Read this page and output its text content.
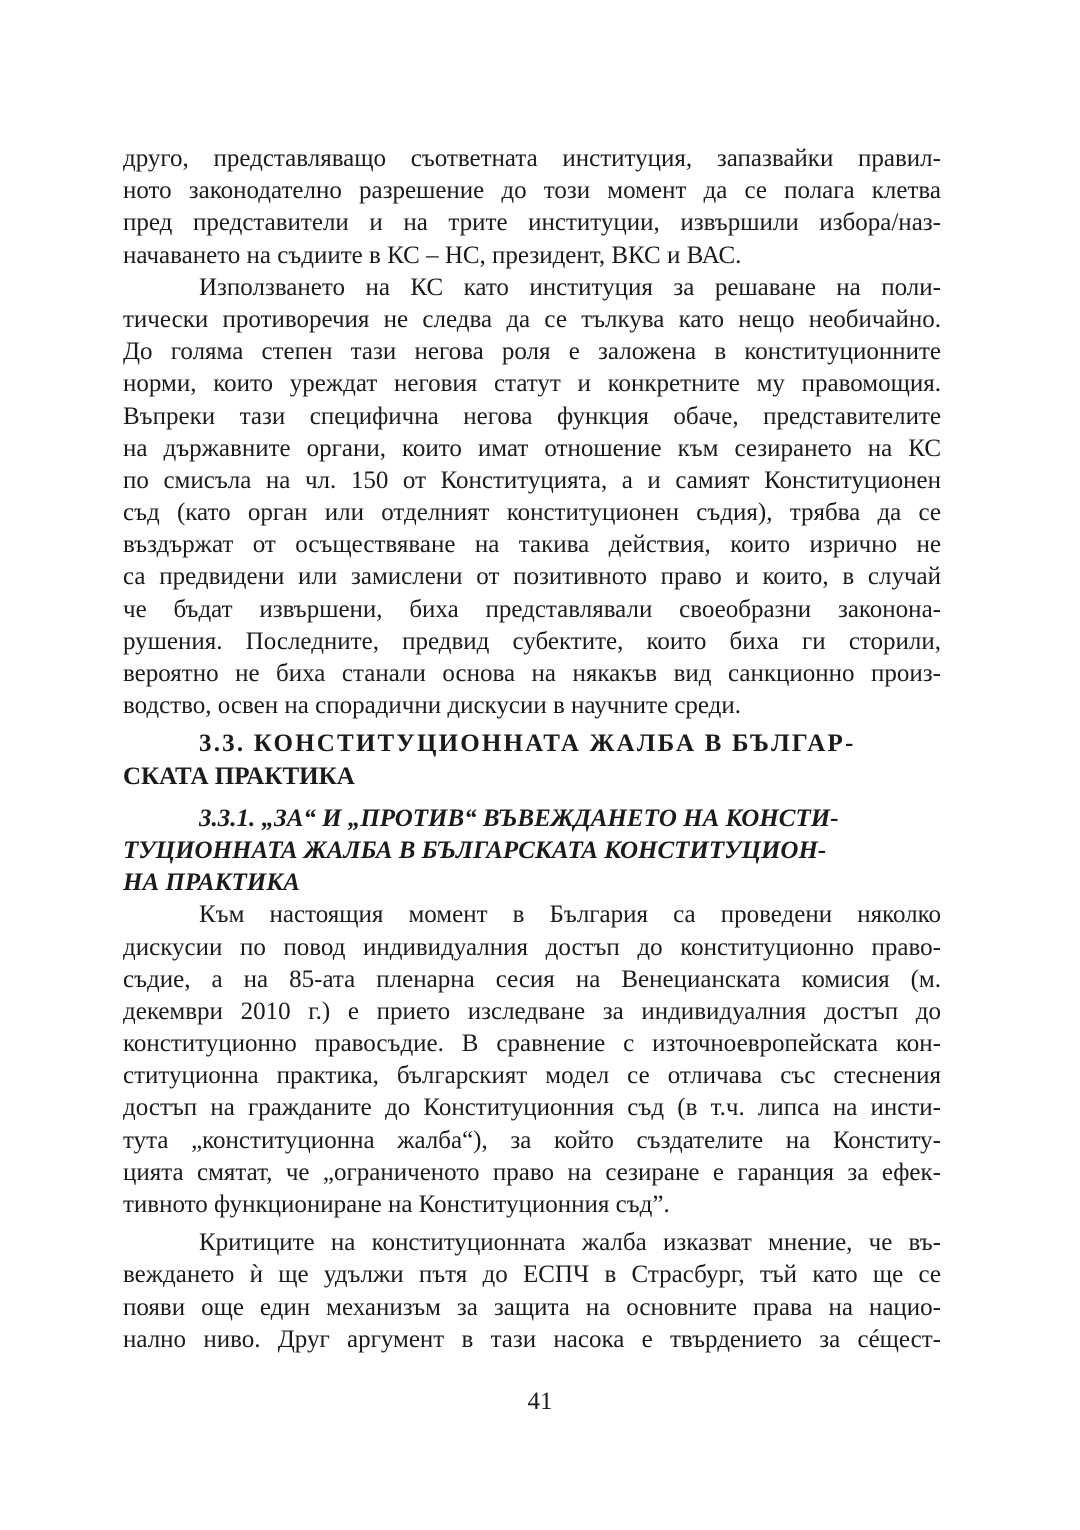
друго, представляващо съответната институция, запазвайки правил-
ното законодателно разрешение до този момент да се полага клетва
пред представители и на трите институции, извършили избора/наз-
начаването на съдиите в КС – НС, президент, ВКС и ВАС.
Използването на КС като институция за решаване на поли-
тически противоречия не следва да се тълкува като нещо необичайно.
До голяма степен тази негова роля е заложена в конституционните
норми, които уреждат неговия статут и конкретните му правомощия.
Въпреки тази специфична негова функция обаче, представителите
на държавните органи, които имат отношение към сезирането на КС
по смисъла на чл. 150 от Конституцията, а и самият Конституционен
съд (като орган или отделният конституционен съдия), трябва да се
въздържат от осъществяване на такива действия, които изрично не
са предвидени или замислени от позитивното право и които, в случай
че бъдат извършени, биха представлявали своеобразни законона-
рушения. Последните, предвид субектите, които биха ги сторили,
вероятно не биха станали основа на някакъв вид санкционно произ-
водство, освен на спорадични дискусии в научните среди.
3.3. КОНСТИТУЦИОННАТА ЖАЛБА В БЪЛГАР-
СКАТА ПРАКТИКА
3.3.1. „ЗА“ И „ПРОТИВ“ ВЪВЕЖДАНЕТО НА КОНСТИ-
ТУЦИОННАТА ЖАЛБА В БЪЛГАРСКАТА КОНСТИТУЦИОН-
НА ПРАКТИКА
Към настоящия момент в България са проведени няколко
дискусии по повод индивидуалния достъп до конституционно право-
съдие, а на 85-ата пленарна сесия на Венецианската комисия (м.
декември 2010 г.) е прието изследване за индивидуалния достъп до
конституционно правосъдие. В сравнение с източноевропейската кон-
ституционна практика, българският модел се отличава със стеснения
достъп на гражданите до Конституционния съд (в т.ч. липса на инсти-
тута „конституционна жалба“), за който създателите на Конститу-
цията смятат, че „ограниченото право на сезиране е гаранция за ефек-
тивното функциониране на Конституционния съд”.
Критиците на конституционната жалба изказват мнение, че въ-
веждането ѝ ще удължи пътя до ЕСПЧ в Страсбург, тъй като ще се
появи още един механизъм за защита на основните права на нацио-
нално ниво. Друг аргумент в тази насока е твърдението за сéщест-
41
